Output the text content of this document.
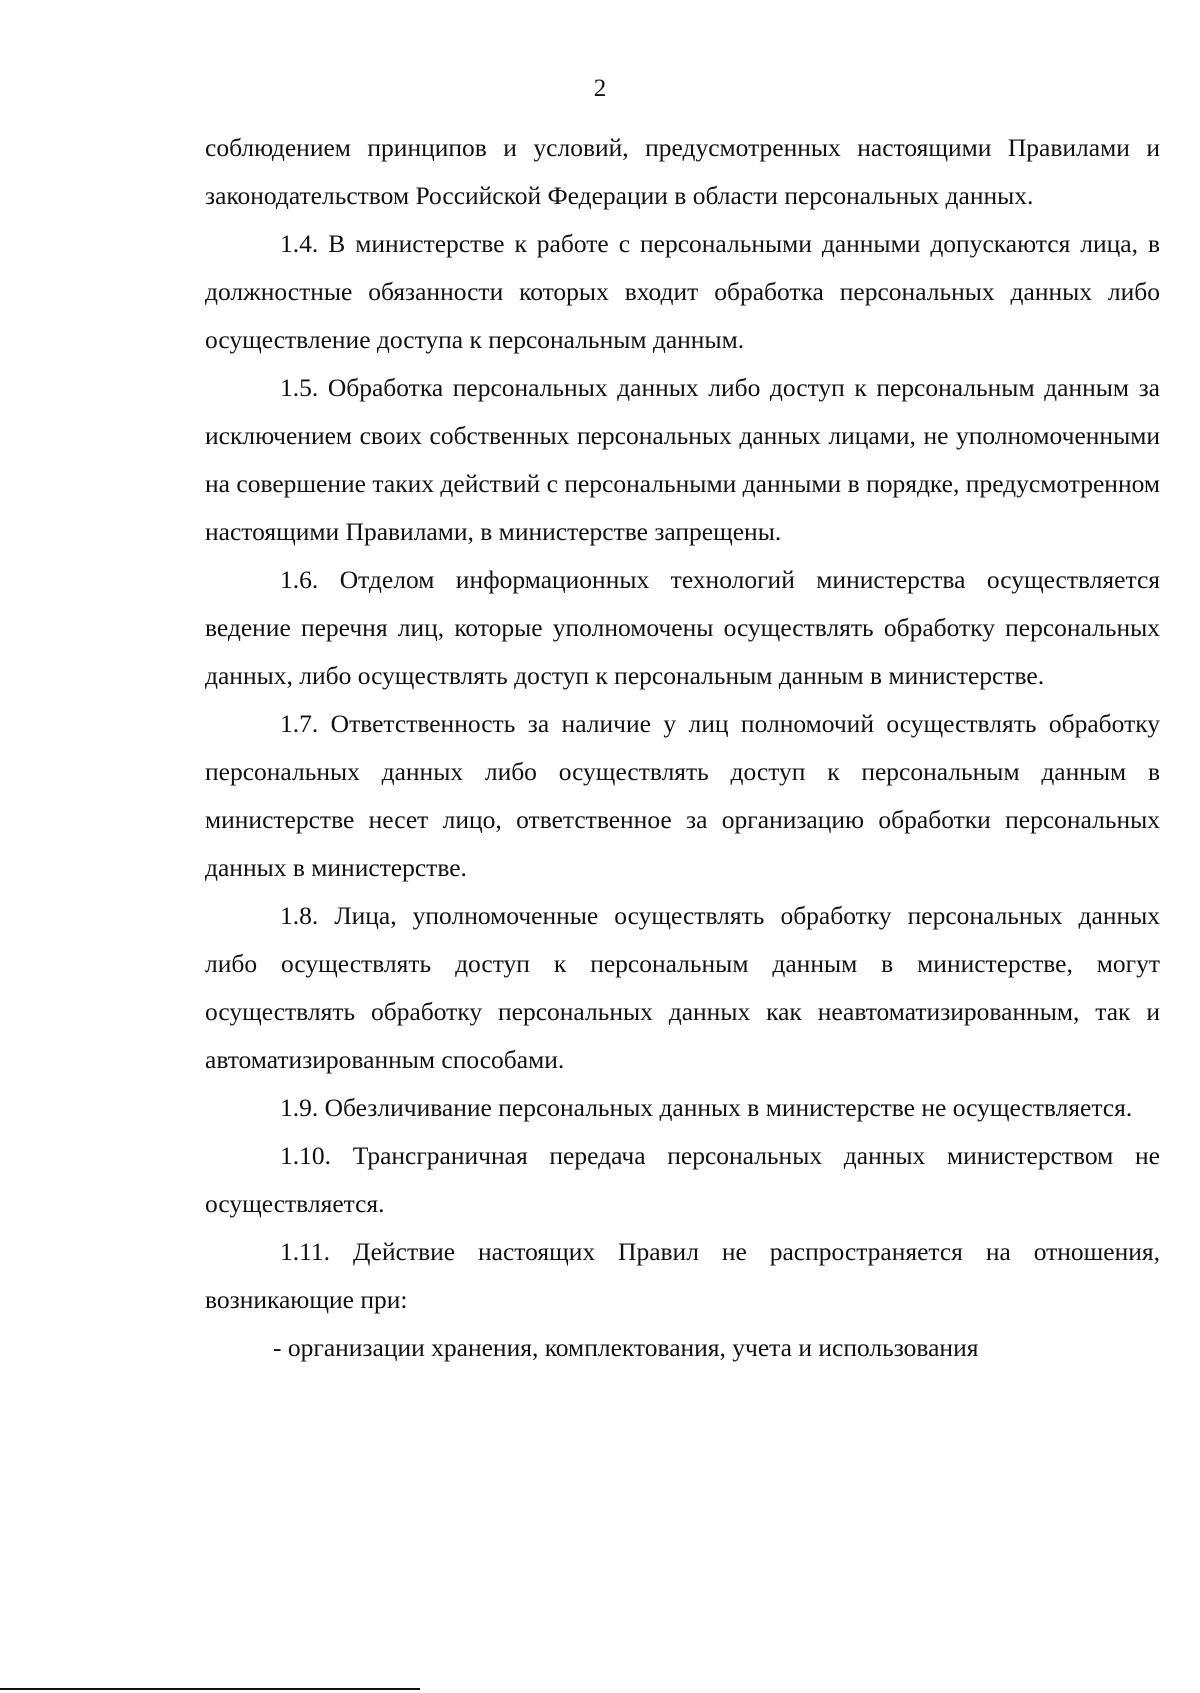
2

соблюдением принципов и условий, предусмотренных настоящими Правилами и законодательством Российской Федерации в области персональных данных.

1.4. В министерстве к работе с персональными данными допускаются лица, в должностные обязанности которых входит обработка персональных данных либо осуществление доступа к персональным данным.

1.5. Обработка персональных данных либо доступ к персональным данным за исключением своих собственных персональных данных лицами, не уполномоченными на совершение таких действий с персональными данными в порядке, предусмотренном настоящими Правилами, в министерстве запрещены.

1.6. Отделом информационных технологий министерства осуществляется ведение перечня лиц, которые уполномочены осуществлять обработку персональных данных, либо осуществлять доступ к персональным данным в министерстве.

1.7. Ответственность за наличие у лиц полномочий осуществлять обработку персональных данных либо осуществлять доступ к персональным данным в министерстве несет лицо, ответственное за организацию обработки персональных данных в министерстве.

1.8. Лица, уполномоченные осуществлять обработку персональных данных либо осуществлять доступ к персональным данным в министерстве, могут осуществлять обработку персональных данных как неавтоматизированным, так и автоматизированным способами.

1.9. Обезличивание персональных данных в министерстве не осуществляется.

1.10. Трансграничная передача персональных данных министерством не осуществляется.

1.11. Действие настоящих Правил не распространяется на отношения, возникающие при:

- организации хранения, комплектования, учета и использования
